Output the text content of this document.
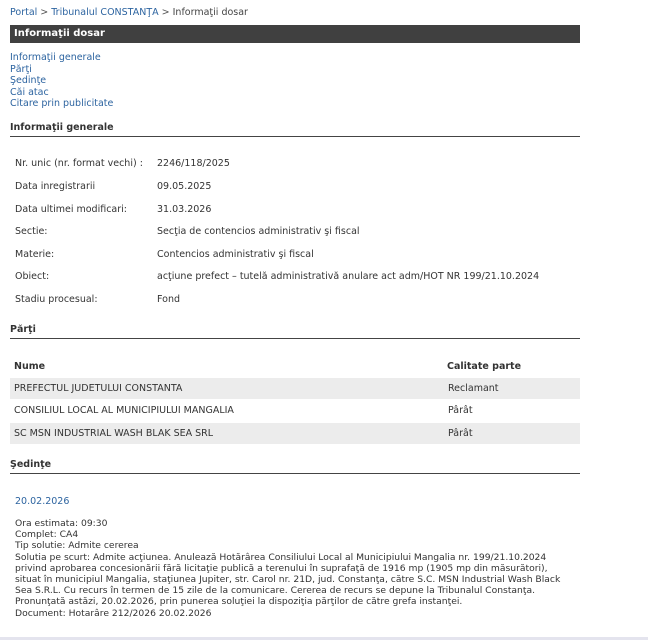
Portal > Tribunalul CONSTANŢA > Informaţii dosar
Informaţii dosar
Informaţii generale
Părţi
Şedinţe
Căi atac
Citare prin publicitate
Informaţii generale
Nr. unic (nr. format vechi) : 2246/118/2025
Data inregistrarii	09.05.2025
Data ultimei modificari:	31.03.2026
Sectie:	Secţia de contencios administrativ şi fiscal
Materie:	Contencios administrativ şi fiscal
Obiect:	acţiune prefect – tutelă administrativă anulare act adm/HOT NR 199/21.10.2024
Stadiu procesual:	Fond
Părţi
Nume	Calitate parte
PREFECTUL JUDETULUI CONSTANTA	Reclamant
CONSILIUL LOCAL AL MUNICIPIULUI MANGALIA	Pârât
SC MSN INDUSTRIAL WASH BLAK SEA SRL	Pârât
Şedinţe
20.02.2026
Ora estimata: 09:30
Complet: CA4
Tip solutie: Admite cererea
Solutia pe scurt: Admite acţiunea. Anulează Hotărârea Consiliului Local al Municipiului Mangalia nr. 199/21.10.2024 privind aprobarea concesionării fără licitaţie publică a terenului în suprafaţă de 1916 mp (1905 mp din măsurători), situat în municipiul Mangalia, staţiunea Jupiter, str. Carol nr. 21D, jud. Constanţa, către S.C. MSN Industrial Wash Black Sea S.R.L. Cu recurs în termen de 15 zile de la comunicare. Cererea de recurs se depune la Tribunalul Constanţa. Pronunţată astăzi, 20.02.2026, prin punerea soluţiei la dispoziţia părţilor de către grefa instanţei.
Document: Hotarâre 212/2026 20.02.2026
